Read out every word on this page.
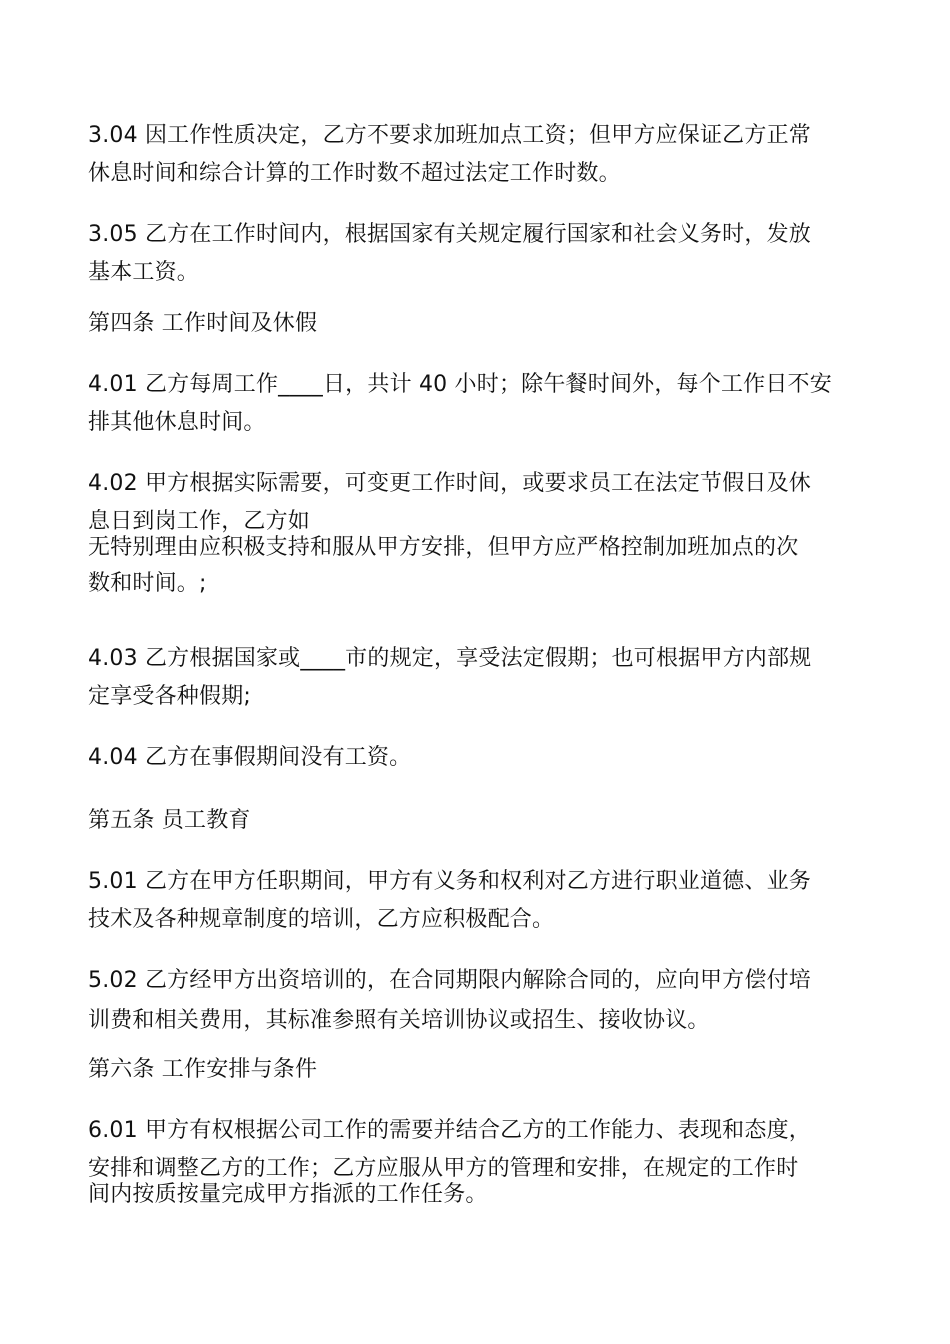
3.04 因工作性质决定，乙方不要求加班加点工资；但甲方应保证乙方正常
休息时间和综合计算的工作时数不超过法定工作时数。
3.05 乙方在工作时间内，根据国家有关规定履行国家和社会义务时，发放
基本工资。
第四条 工作时间及休假
4.01 乙方每周工作____日，共计 40 小时；除午餐时间外，每个工作日不安
排其他休息时间。
4.02 甲方根据实际需要，可变更工作时间，或要求员工在法定节假日及休
息日到岗工作，乙方如
无特别理由应积极支持和服从甲方安排，但甲方应严格控制加班加点的次
数和时间。;
4.03 乙方根据国家或____市的规定，享受法定假期；也可根据甲方内部规
定享受各种假期;
4.04 乙方在事假期间没有工资。
第五条 员工教育
5.01 乙方在甲方任职期间，甲方有义务和权利对乙方进行职业道德、业务
技术及各种规章制度的培训，乙方应积极配合。
5.02 乙方经甲方出资培训的，在合同期限内解除合同的，应向甲方偿付培
训费和相关费用，其标准参照有关培训协议或招生、接收协议。
第六条 工作安排与条件
6.01 甲方有权根据公司工作的需要并结合乙方的工作能力、表现和态度，
安排和调整乙方的工作；乙方应服从甲方的管理和安排，在规定的工作时
间内按质按量完成甲方指派的工作任务。
